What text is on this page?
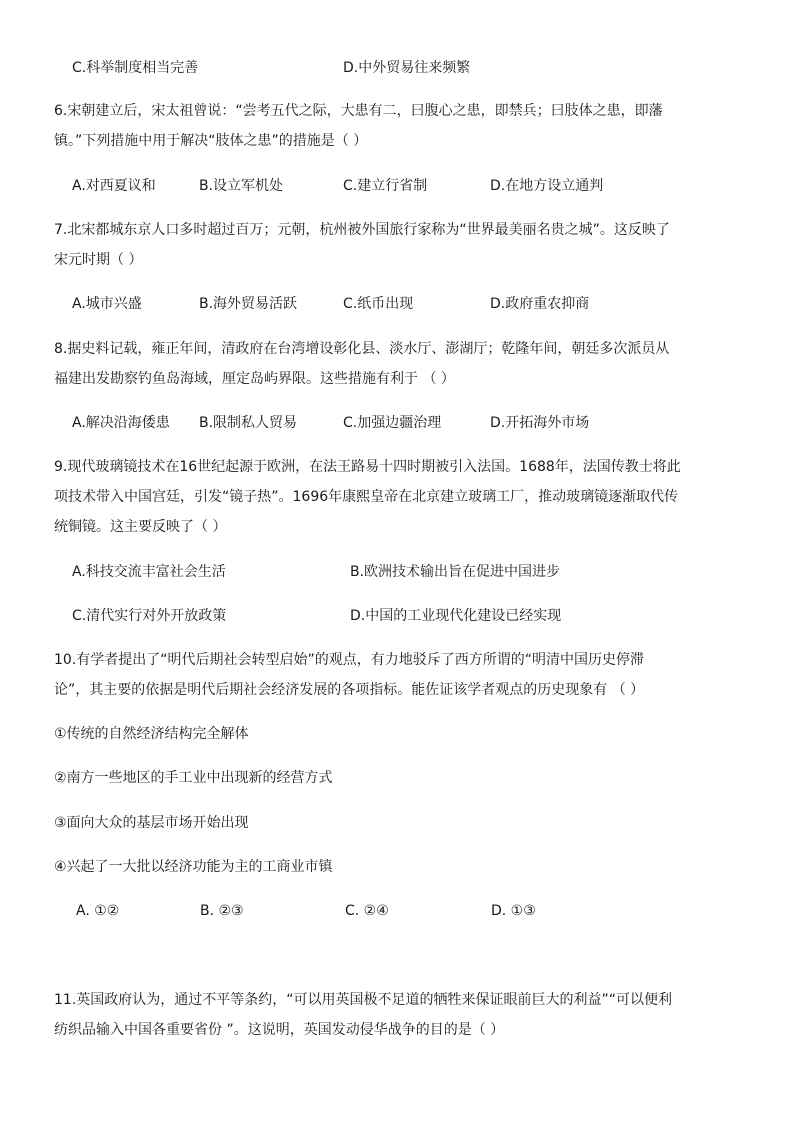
C.科举制度相当完善	D.中外贸易往来频繁
6.宋朝建立后，宋太祖曾说：“尝考五代之际，大患有二，曰腹心之患，即禁兵；曰肢体之患，即藩
镇。”下列措施中用于解决“肢体之患”的措施是（ ）
A.对西夏议和	B.设立军机处	C.建立行省制	D.在地方设立通判
7.北宋都城东京人口多时超过百万；元朝，杭州被外国旅行家称为“世界最美丽名贵之城”。这反映了
宋元时期（ ）
A.城市兴盛	B.海外贸易活跃	C.纸币出现	D.政府重农抑商
8.据史料记载，雍正年间，清政府在台湾增设彰化县、淡水厅、澎湖厅；乾隆年间，朝廷多次派员从
福建出发勘察钓鱼岛海域，厘定岛屿界限。这些措施有利于 （ ）
A.解决沿海倭患 B.限制私人贸易	C.加强边疆治理	D.开拓海外市场
9.现代玻璃镜技术在16世纪起源于欧洲，在法王路易十四时期被引入法国。1688年，法国传教士将此
项技术带入中国宫廷，引发“镜子热”。1696年康熙皇帝在北京建立玻璃工厂，推动玻璃镜逐渐取代传
统铜镜。这主要反映了（ ）
A.科技交流丰富社会生活	B.欧洲技术输出旨在促进中国进步
C.清代实行对外开放政策	D.中国的工业现代化建设已经实现
10.有学者提出了“明代后期社会转型启始”的观点，有力地驳斥了西方所谓的“明清中国历史停滞
论”，其主要的依据是明代后期社会经济发展的各项指标。能佐证该学者观点的历史现象有 （ ）
①传统的自然经济结构完全解体
②南方一些地区的手工业中出现新的经营方式
③面向大众的基层市场开始出现
④兴起了一大批以经济功能为主的工商业市镇
A. ①②	B. ②③	C. ②④	D. ①③
11.英国政府认为，通过不平等条约，“可以用英国极不足道的牺牲来保证眼前巨大的利益”“可以便利
纺织品输入中国各重要省份 ”。这说明，英国发动侵华战争的目的是（ ）
